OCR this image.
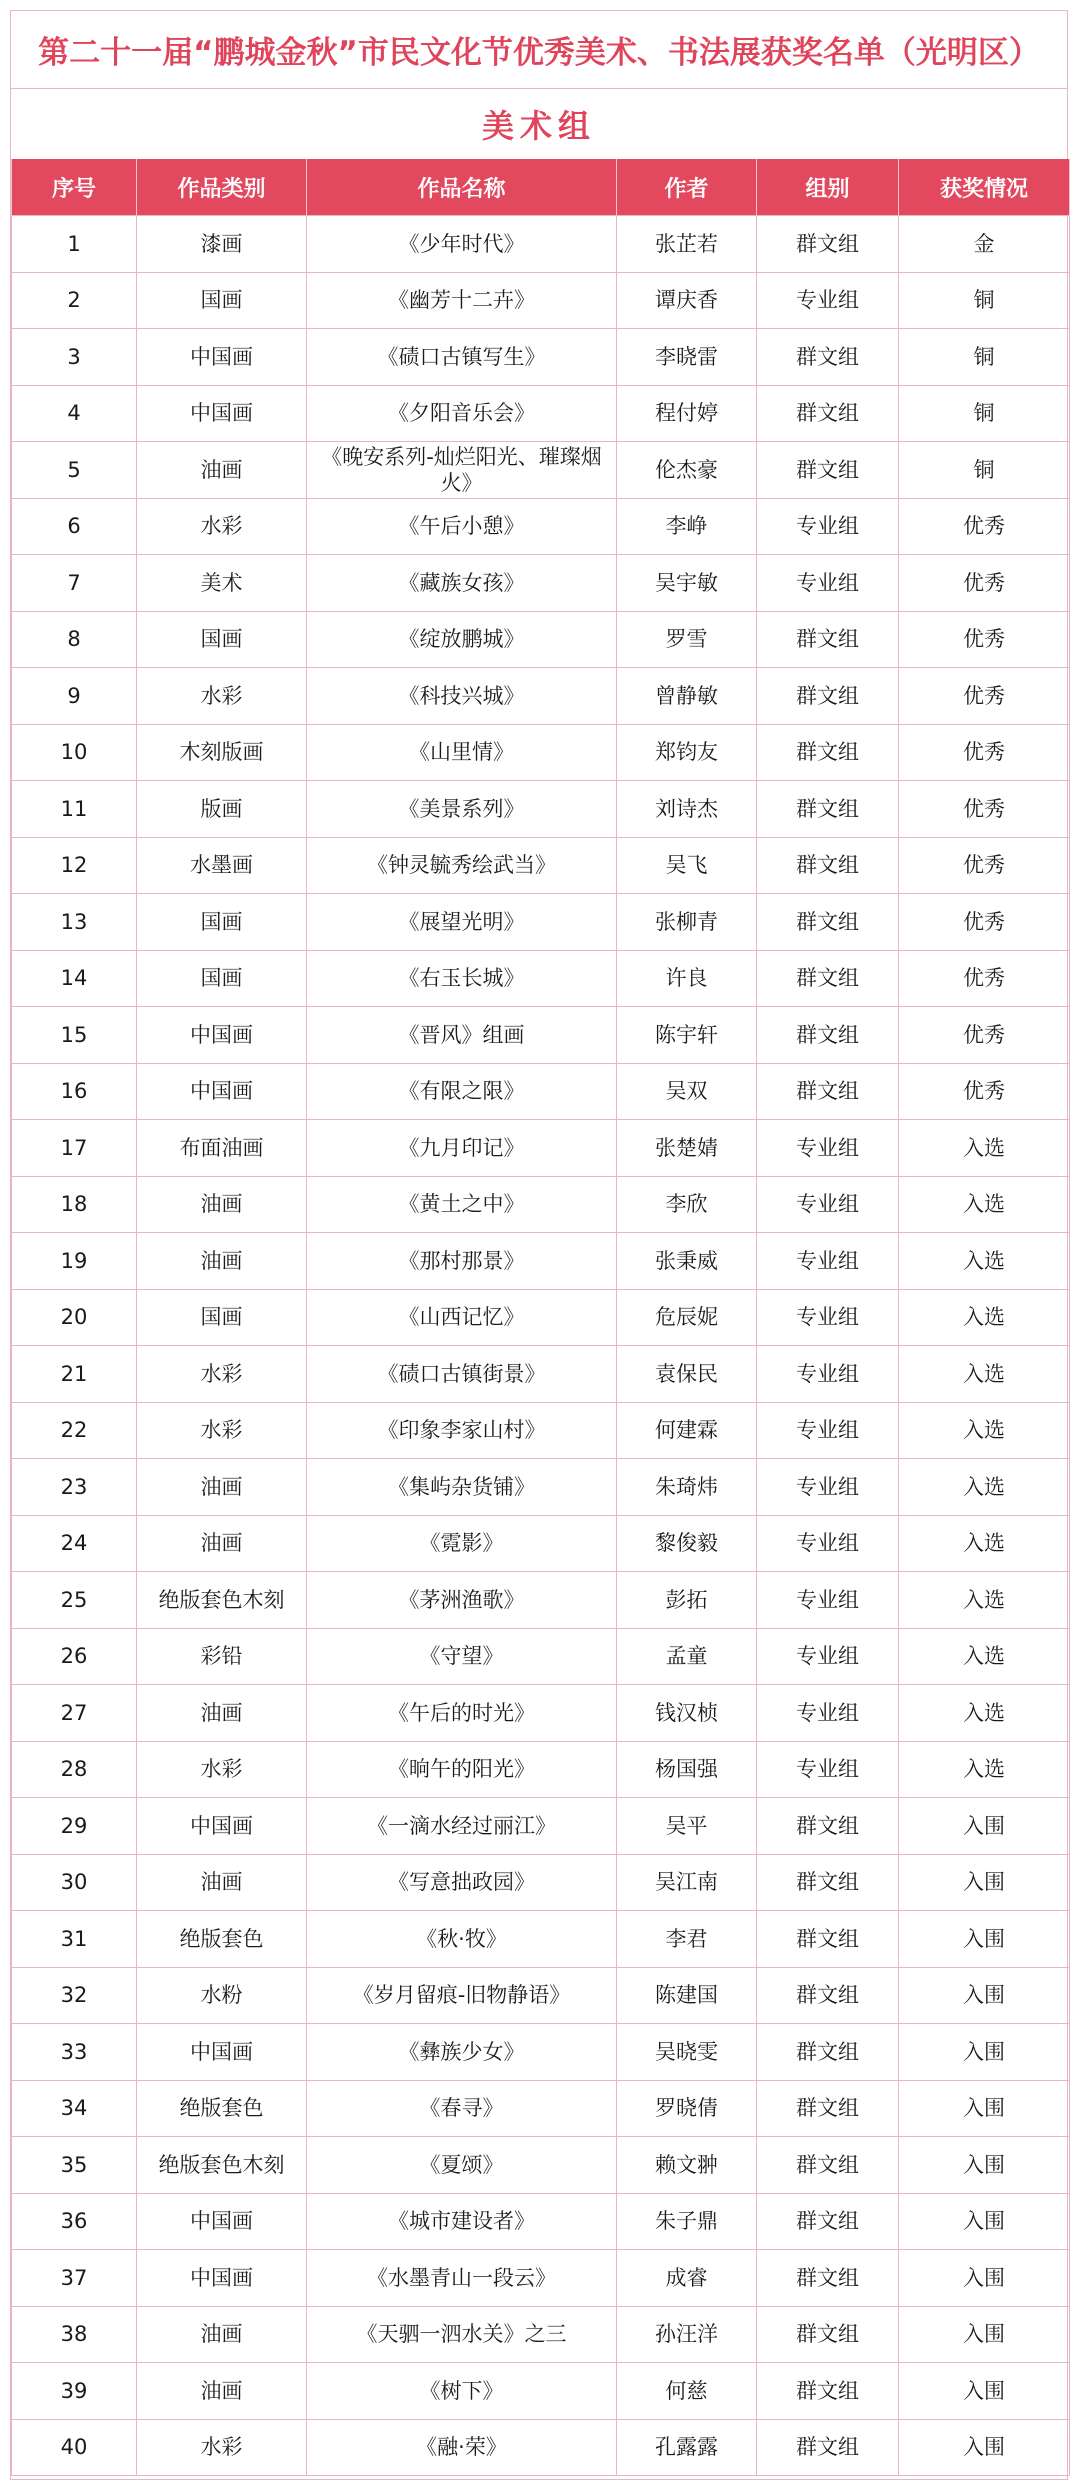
第二十一届“鹏城金秋”市民文化节优秀美术、书法展获奖名单（光明区）
美术组
序号	作品类别	作品名称	作者	组别	获奖情况
1	漆画	《少年时代》	张芷若	群文组	金
2	国画	《幽芳十二卉》	谭庆香	专业组	铜
3	中国画	《碛口古镇写生》	李晓雷	群文组	铜
4	中国画	《夕阳音乐会》	程付婷	群文组	铜
5	油画	《晚安系列-灿烂阳光、璀璨烟火》	伦杰豪	群文组	铜
6	水彩	《午后小憩》	李峥	专业组	优秀
7	美术	《藏族女孩》	吴宇敏	专业组	优秀
8	国画	《绽放鹏城》	罗雪	群文组	优秀
9	水彩	《科技兴城》	曾静敏	群文组	优秀
10	木刻版画	《山里情》	郑钧友	群文组	优秀
11	版画	《美景系列》	刘诗杰	群文组	优秀
12	水墨画	《钟灵毓秀绘武当》	吴飞	群文组	优秀
13	国画	《展望光明》	张柳青	群文组	优秀
14	国画	《右玉长城》	许良	群文组	优秀
15	中国画	《晋风》组画	陈宇轩	群文组	优秀
16	中国画	《有限之限》	吴双	群文组	优秀
17	布面油画	《九月印记》	张楚婧	专业组	入选
18	油画	《黄土之中》	李欣	专业组	入选
19	油画	《那村那景》	张秉威	专业组	入选
20	国画	《山西记忆》	危辰妮	专业组	入选
21	水彩	《碛口古镇街景》	袁保民	专业组	入选
22	水彩	《印象李家山村》	何建霖	专业组	入选
23	油画	《集屿杂货铺》	朱琦炜	专业组	入选
24	油画	《霓影》	黎俊毅	专业组	入选
25	绝版套色木刻	《茅洲渔歌》	彭拓	专业组	入选
26	彩铅	《守望》	孟童	专业组	入选
27	油画	《午后的时光》	钱汉桢	专业组	入选
28	水彩	《晌午的阳光》	杨国强	专业组	入选
29	中国画	《一滴水经过丽江》	吴平	群文组	入围
30	油画	《写意拙政园》	吴江南	群文组	入围
31	绝版套色	《秋·牧》	李君	群文组	入围
32	水粉	《岁月留痕-旧物静语》	陈建国	群文组	入围
33	中国画	《彝族少女》	吴晓雯	群文组	入围
34	绝版套色	《春寻》	罗晓倩	群文组	入围
35	绝版套色木刻	《夏颂》	赖文翀	群文组	入围
36	中国画	《城市建设者》	朱子鼎	群文组	入围
37	中国画	《水墨青山一段云》	成睿	群文组	入围
38	油画	《天驷一泗水关》之三	孙汪洋	群文组	入围
39	油画	《树下》	何慈	群文组	入围
40	水彩	《融·荣》	孔露露	群文组	入围
